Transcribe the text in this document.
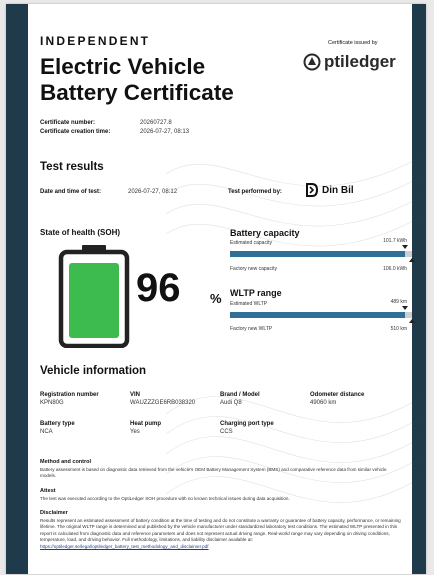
INDEPENDENT
Electric Vehicle
Battery Certificate
Certificate issued by
ptiledger
Certificate number:	20260727.8
Certificate creation time:	2026-07-27, 08:13
Test results
Date and time of test:	2026-07-27, 08:12	Test performed by:	Din Bil
State of health (SOH)
96 %
Battery capacity
Estimated capacity	101.7 kWh
Factory new capacity	106.0 kWh
WLTP range
Estimated WLTP	489 km
Factory new WLTP	510 km
Vehicle information
Registration number
KPN80G
VIN
WAUZZZGE6RB038320
Brand / Model
Audi Q8
Odometer distance
49060 km
Battery type
NCA
Heat pump
Yes
Charging port type
CCS
Method and control
Battery assessment is based on diagnostic data retrieved from the vehicle's OEM Battery Management System (BMS) and comparative reference data from similar vehicle models.
Attest
The test was executed according to the OptiLedger SOH procedure with no known technical issues during data acquisition.
Disclaimer
Results represent an estimated assessment of battery condition at the time of testing and do not constitute a warranty or guarantee of battery capacity, performance, or remaining lifetime. The original WLTP range is determined and published by the vehicle manufacturer under standardized laboratory test conditions. The estimated WLTP presented in this report is calculated from diagnostic data and reference parameters and does not represent actual driving range. Real-world range may vary depending on driving conditions, temperature, load, and driving behavior. Full methodology, limitations, and liability disclaimer available at: https://optiledger.se/legal/optiledger_battery_test_methodology_and_disclaimer.pdf
